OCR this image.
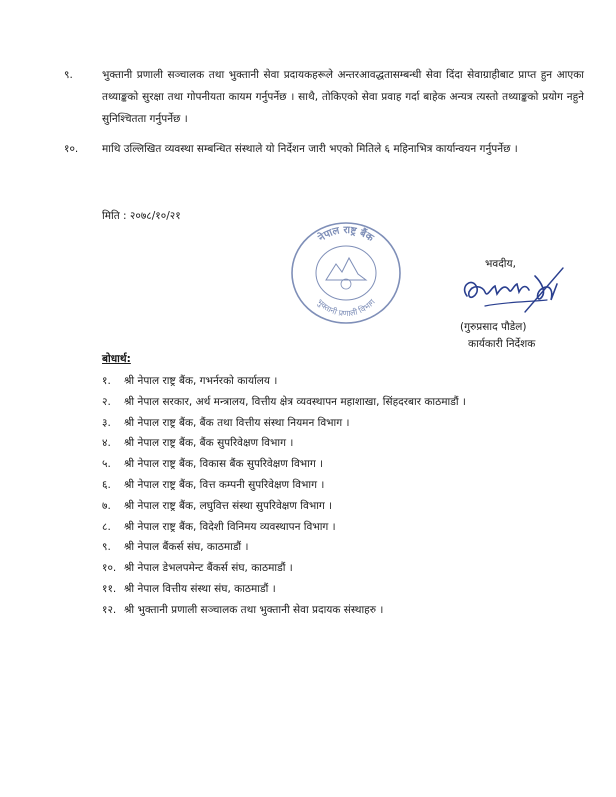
९.	भुक्तानी प्रणाली सञ्चालक तथा भुक्तानी सेवा प्रदायकहरूले अन्तरआवद्धतासम्बन्धी सेवा दिंदा सेवाग्राहीबाट प्राप्त हुन आएका तथ्याङ्कको सुरक्षा तथा गोपनीयता कायम गर्नुपर्नेछ । साथै, तोकिएको सेवा प्रवाह गर्दा बाहेक अन्यत्र त्यस्तो तथ्याङ्कको प्रयोग नहुने सुनिश्चितता गर्नुपर्नेछ ।
१०. माथि उल्लिखित व्यवस्था सम्बन्धित संस्थाले यो निर्देशन जारी भएको मितिले ६ महिनाभित्र कार्यान्वयन गर्नुपर्नेछ ।
मिति : २०७८/१०/२१
नेपाल राष्ट्र बैंक
भुक्तानी प्रणाली विभाग
भवदीय,
(गुरुप्रसाद पौडेल)
कार्यकारी निर्देशक
बोधार्थ:
१. श्री नेपाल राष्ट्र बैंक, गभर्नरको कार्यालय ।
२. श्री नेपाल सरकार, अर्थ मन्त्रालय, वित्तीय क्षेत्र व्यवस्थापन महाशाखा, सिंहदरबार काठमाडौं ।
३. श्री नेपाल राष्ट्र बैंक, बैंक तथा वित्तीय संस्था नियमन विभाग ।
४. श्री नेपाल राष्ट्र बैंक, बैंक सुपरिवेक्षण विभाग ।
५. श्री नेपाल राष्ट्र बैंक, विकास बैंक सुपरिवेक्षण विभाग ।
६. श्री नेपाल राष्ट्र बैंक, वित्त कम्पनी सुपरिवेक्षण विभाग ।
७. श्री नेपाल राष्ट्र बैंक, लघुवित्त संस्था सुपरिवेक्षण विभाग ।
८. श्री नेपाल राष्ट्र बैंक, विदेशी विनिमय व्यवस्थापन विभाग ।
९. श्री नेपाल बैंकर्स संघ, काठमाडौं ।
१०. श्री नेपाल डेभलपमेन्ट बैंकर्स संघ, काठमाडौं ।
११. श्री नेपाल वित्तीय संस्था संघ, काठमाडौं ।
१२. श्री भुक्तानी प्रणाली सञ्चालक तथा भुक्तानी सेवा प्रदायक संस्थाहरु ।
